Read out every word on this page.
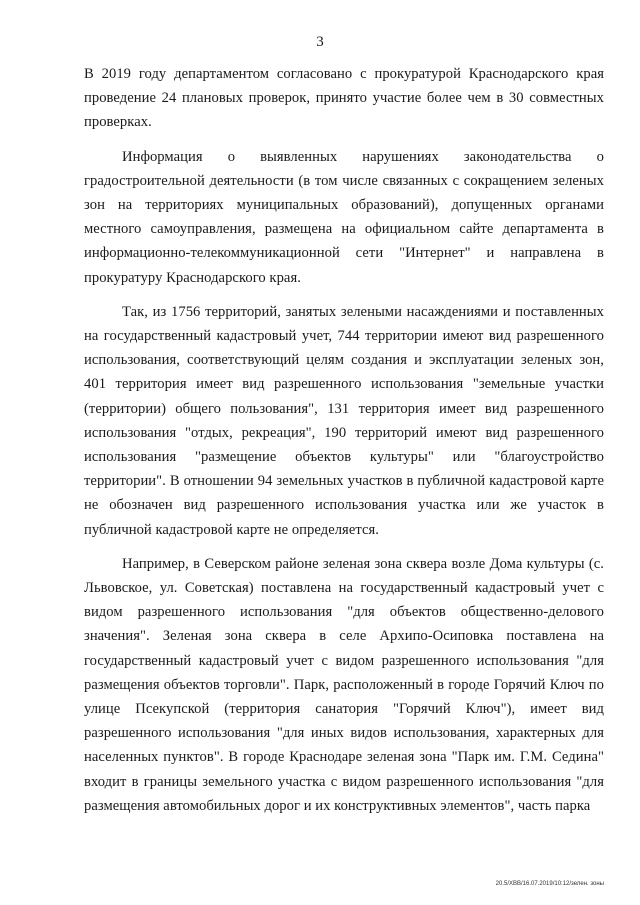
3

В 2019 году департаментом согласовано с прокуратурой Краснодарского края проведение 24 плановых проверок, принято участие более чем в 30 совместных проверках.

Информация о выявленных нарушениях законодательства о градостроительной деятельности (в том числе связанных с сокращением зеленых зон на территориях муниципальных образований), допущенных органами местного самоуправления, размещена на официальном сайте департамента в информационно-телекоммуникационной сети "Интернет" и направлена в прокуратуру Краснодарского края.

Так, из 1756 территорий, занятых зелеными насаждениями и поставленных на государственный кадастровый учет, 744 территории имеют вид разрешенного использования, соответствующий целям создания и эксплуатации зеленых зон, 401 территория имеет вид разрешенного использования "земельные участки (территории) общего пользования", 131 территория имеет вид разрешенного использования "отдых, рекреация", 190 территорий имеют вид разрешенного использования "размещение объектов культуры" или "благоустройство территории". В отношении 94 земельных участков в публичной кадастровой карте не обозначен вид разрешенного использования участка или же участок в публичной кадастровой карте не определяется.

Например, в Северском районе зеленая зона сквера возле Дома культуры (с. Львовское, ул. Советская) поставлена на государственный кадастровый учет с видом разрешенного использования "для объектов общественно-делового значения". Зеленая зона сквера в селе Архипо-Осиповка поставлена на государственный кадастровый учет с видом разрешенного использования "для размещения объектов торговли". Парк, расположенный в городе Горячий Ключ по улице Псекупской (территория санатория "Горячий Ключ"), имеет вид разрешенного использования "для иных видов использования, характерных для населенных пунктов". В городе Краснодаре зеленая зона "Парк им. Г.М. Седина" входит в границы земельного участка с видом разрешенного использования "для размещения автомобильных дорог и их конструктивных элементов", часть парка

20.5/ХВВ/16.07.2019/10:12/зелен. зоны
